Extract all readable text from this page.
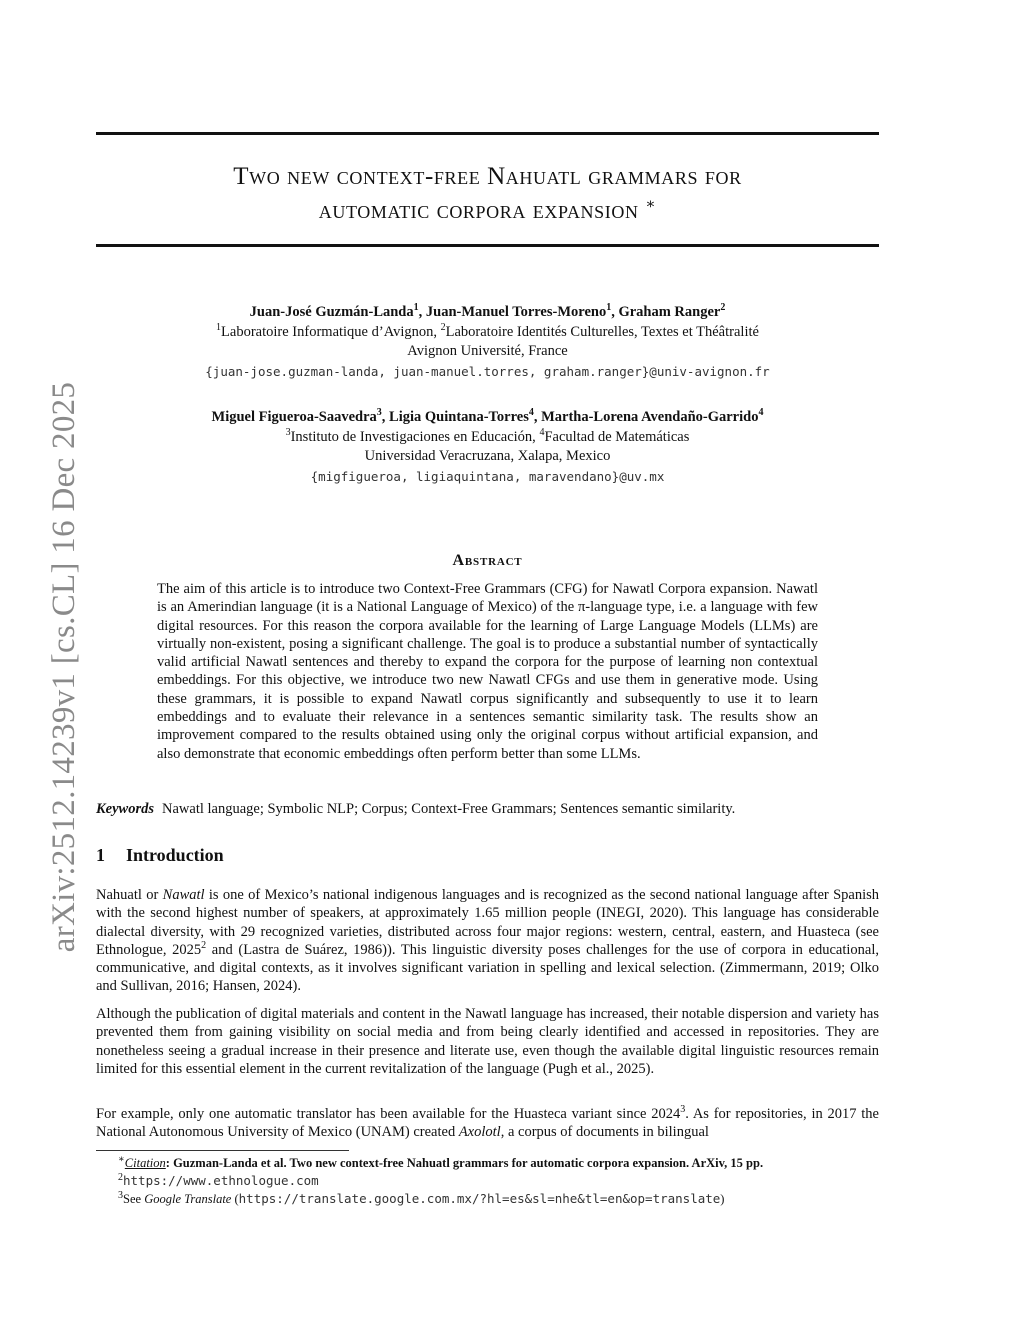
arXiv:2512.14239v1 [cs.CL] 16 Dec 2025
Two new context-free Nahuatl grammars for
automatic corpora expansion ∗
Juan-José Guzmán-Landa$^1$, Juan-Manuel Torres-Moreno$^1$, Graham Ranger$^2$
$^1$Laboratoire Informatique d’Avignon, $^2$Laboratoire Identités Culturelles, Textes et Théâtralité
Avignon Université, France
{juan-jose.guzman-landa, juan-manuel.torres, graham.ranger}@univ-avignon.fr
Miguel Figueroa-Saavedra$^3$, Ligia Quintana-Torres$^4$, Martha-Lorena Avendaño-Garrido$^4$
$^3$Instituto de Investigaciones en Educación, $^4$Facultad de Matemáticas
Universidad Veracruzana, Xalapa, Mexico
{migfigueroa, ligiaquintana, maravendano}@uv.mx
Abstract
The aim of this article is to introduce two Context-Free Grammars (CFG) for Nawatl Corpora expansion. Nawatl is an Amerindian language (it is a National Language of Mexico) of the π-language type, i.e. a language with few digital resources. For this reason the corpora available for the learning of Large Language Models (LLMs) are virtually non-existent, posing a significant challenge. The goal is to produce a substantial number of syntactically valid artificial Nawatl sentences and thereby to expand the corpora for the purpose of learning non contextual embeddings. For this objective, we introduce two new Nawatl CFGs and use them in generative mode. Using these grammars, it is possible to expand Nawatl corpus significantly and subsequently to use it to learn embeddings and to evaluate their relevance in a sentences semantic similarity task. The results show an improvement compared to the results obtained using only the original corpus without artificial expansion, and also demonstrate that economic embeddings often perform better than some LLMs.
Keywords Nawatl language; Symbolic NLP; Corpus; Context-Free Grammars; Sentences semantic similarity.
1 Introduction

Nahuatl or Nawatl is one of Mexico’s national indigenous languages and is recognized as the second national language after Spanish with the second highest number of speakers, at approximately 1.65 million people (INEGI, 2020). This language has considerable dialectal diversity, with 29 recognized varieties, distributed across four major regions: western, central, eastern, and Huasteca (see Ethnologue, 2025$^2$ and (Lastra de Suárez, 1986)). This linguistic diversity poses challenges for the use of corpora in educational, communicative, and digital contexts, as it involves significant variation in spelling and lexical selection. (Zimmermann, 2019; Olko and Sullivan, 2016; Hansen, 2024).

Although the publication of digital materials and content in the Nawatl language has increased, their notable dispersion and variety has prevented them from gaining visibility on social media and from being clearly identified and accessed in repositories. They are nonetheless seeing a gradual increase in their presence and literate use, even though the available digital linguistic resources remain limited for this essential element in the current revitalization of the language (Pugh et al., 2025).

For example, only one automatic translator has been available for the Huasteca variant since 2024$^3$. As for repositories, in 2017 the National Autonomous University of Mexico (UNAM) created Axolotl, a corpus of documents in bilingual

∗Citation: Guzman-Landa et al. Two new context-free Nahuatl grammars for automatic corpora expansion. ArXiv, 15 pp.
$^2$https://www.ethnologue.com
$^3$See Google Translate (https://translate.google.com.mx/?hl=es&sl=nhe&tl=en&op=translate)
